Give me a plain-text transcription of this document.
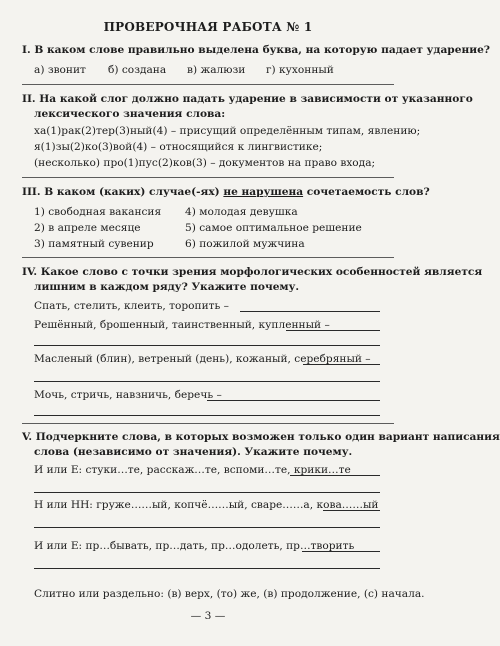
ПРОВЕРОЧНАЯ РАБОТА № 1
I. В каком слове правильно выделена буква, на которую падает ударение?
а) звонит б) создана в) жалюзи г) кухонный
II. На какой слог должно падать ударение в зависимости от указанного
лексического значения слова:
ха(1)рак(2)тер(3)ный(4) – присущий определённым типам, явлению;
я(1)зы(2)ко(3)вой(4) – относящийся к лингвистике;
(несколько) про(1)пус(2)ков(3) – документов на право входа;
III. В каком (каких) случае(-ях) не нарушена сочетаемость слов?
1) свободная вакансия
2) в апреле месяце
3) памятный сувенир
4) молодая девушка
5) самое оптимальное решение
6) пожилой мужчина
IV. Какое слово с точки зрения морфологических особенностей является
лишним в каждом ряду? Укажите почему.
Спать, стелить, клеить, торопить –
Решённый, брошенный, таинственный, купленный –
Масленый (блин), ветреный (день), кожаный, серебряный –
Мочь, стричь, навзничь, беречь –
V. Подчеркните слова, в которых возможен только один вариант написания
слова (независимо от значения). Укажите почему.
И или Е: стуки…те, расскаж…те, вспоми…те, крики…те
Н или НН: груже……ый, копчё……ый, сваре……а, кова……ый
И или Е: пр…бывать, пр…дать, пр…одолеть, пр…творить
Слитно или раздельно: (в) верх, (то) же, (в) продолжение, (с) начала.
— 3 —
